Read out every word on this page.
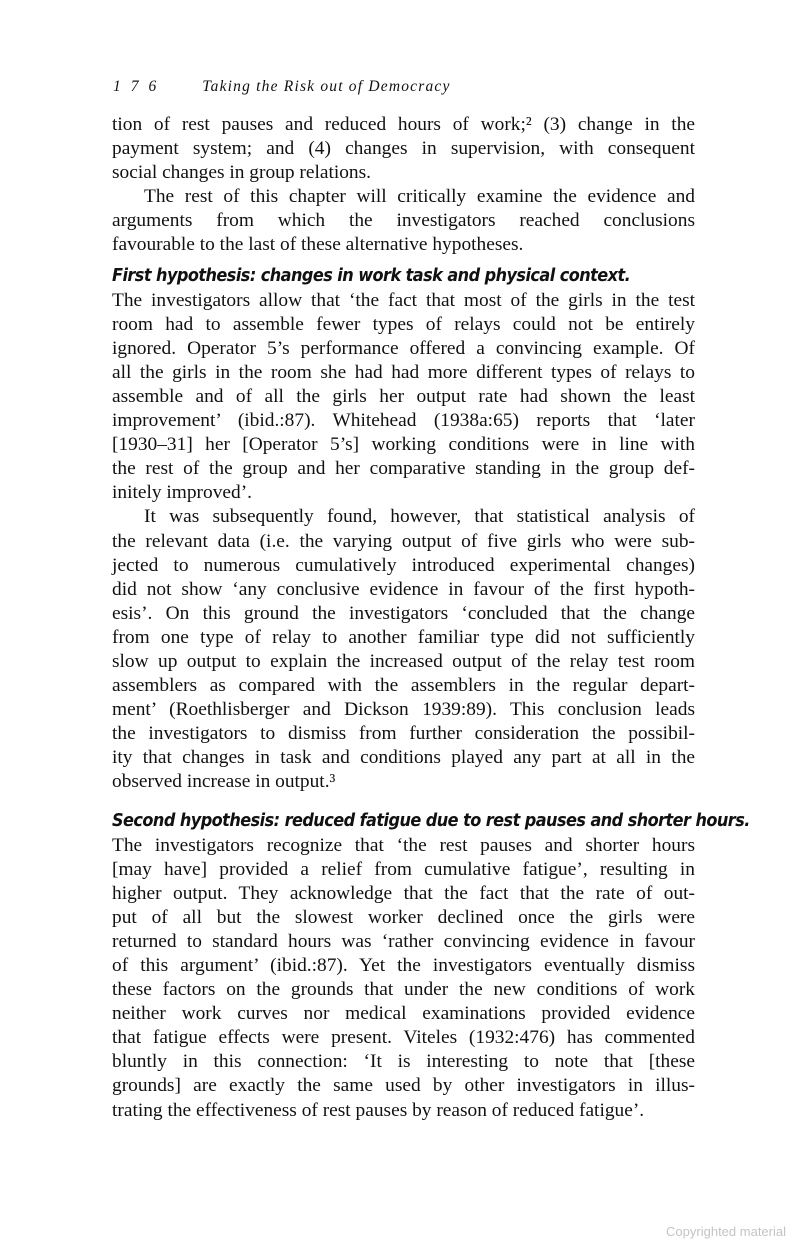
176 Taking the Risk out of Democracy

tion of rest pauses and reduced hours of work;² (3) change in the
payment system; and (4) changes in supervision, with consequent
social changes in group relations.

The rest of this chapter will critically examine the evidence and
arguments from which the investigators reached conclusions
favourable to the last of these alternative hypotheses.

First hypothesis: changes in work task and physical context.

The investigators allow that ‘the fact that most of the girls in the test
room had to assemble fewer types of relays could not be entirely
ignored. Operator 5’s performance offered a convincing example. Of
all the girls in the room she had had more different types of relays to
assemble and of all the girls her output rate had shown the least
improvement’ (ibid.:87). Whitehead (1938a:65) reports that ‘later
[1930–31] her [Operator 5’s] working conditions were in line with
the rest of the group and her comparative standing in the group def-
initely improved’.

It was subsequently found, however, that statistical analysis of
the relevant data (i.e. the varying output of five girls who were sub-
jected to numerous cumulatively introduced experimental changes)
did not show ‘any conclusive evidence in favour of the first hypoth-
esis’. On this ground the investigators ‘concluded that the change
from one type of relay to another familiar type did not sufficiently
slow up output to explain the increased output of the relay test room
assemblers as compared with the assemblers in the regular depart-
ment’ (Roethlisberger and Dickson 1939:89). This conclusion leads
the investigators to dismiss from further consideration the possibil-
ity that changes in task and conditions played any part at all in the
observed increase in output.³

Second hypothesis: reduced fatigue due to rest pauses and shorter hours.

The investigators recognize that ‘the rest pauses and shorter hours
[may have] provided a relief from cumulative fatigue’, resulting in
higher output. They acknowledge that the fact that the rate of out-
put of all but the slowest worker declined once the girls were
returned to standard hours was ‘rather convincing evidence in favour
of this argument’ (ibid.:87). Yet the investigators eventually dismiss
these factors on the grounds that under the new conditions of work
neither work curves nor medical examinations provided evidence
that fatigue effects were present. Viteles (1932:476) has commented
bluntly in this connection: ‘It is interesting to note that [these
grounds] are exactly the same used by other investigators in illus-
trating the effectiveness of rest pauses by reason of reduced fatigue’.

Copyrighted material
